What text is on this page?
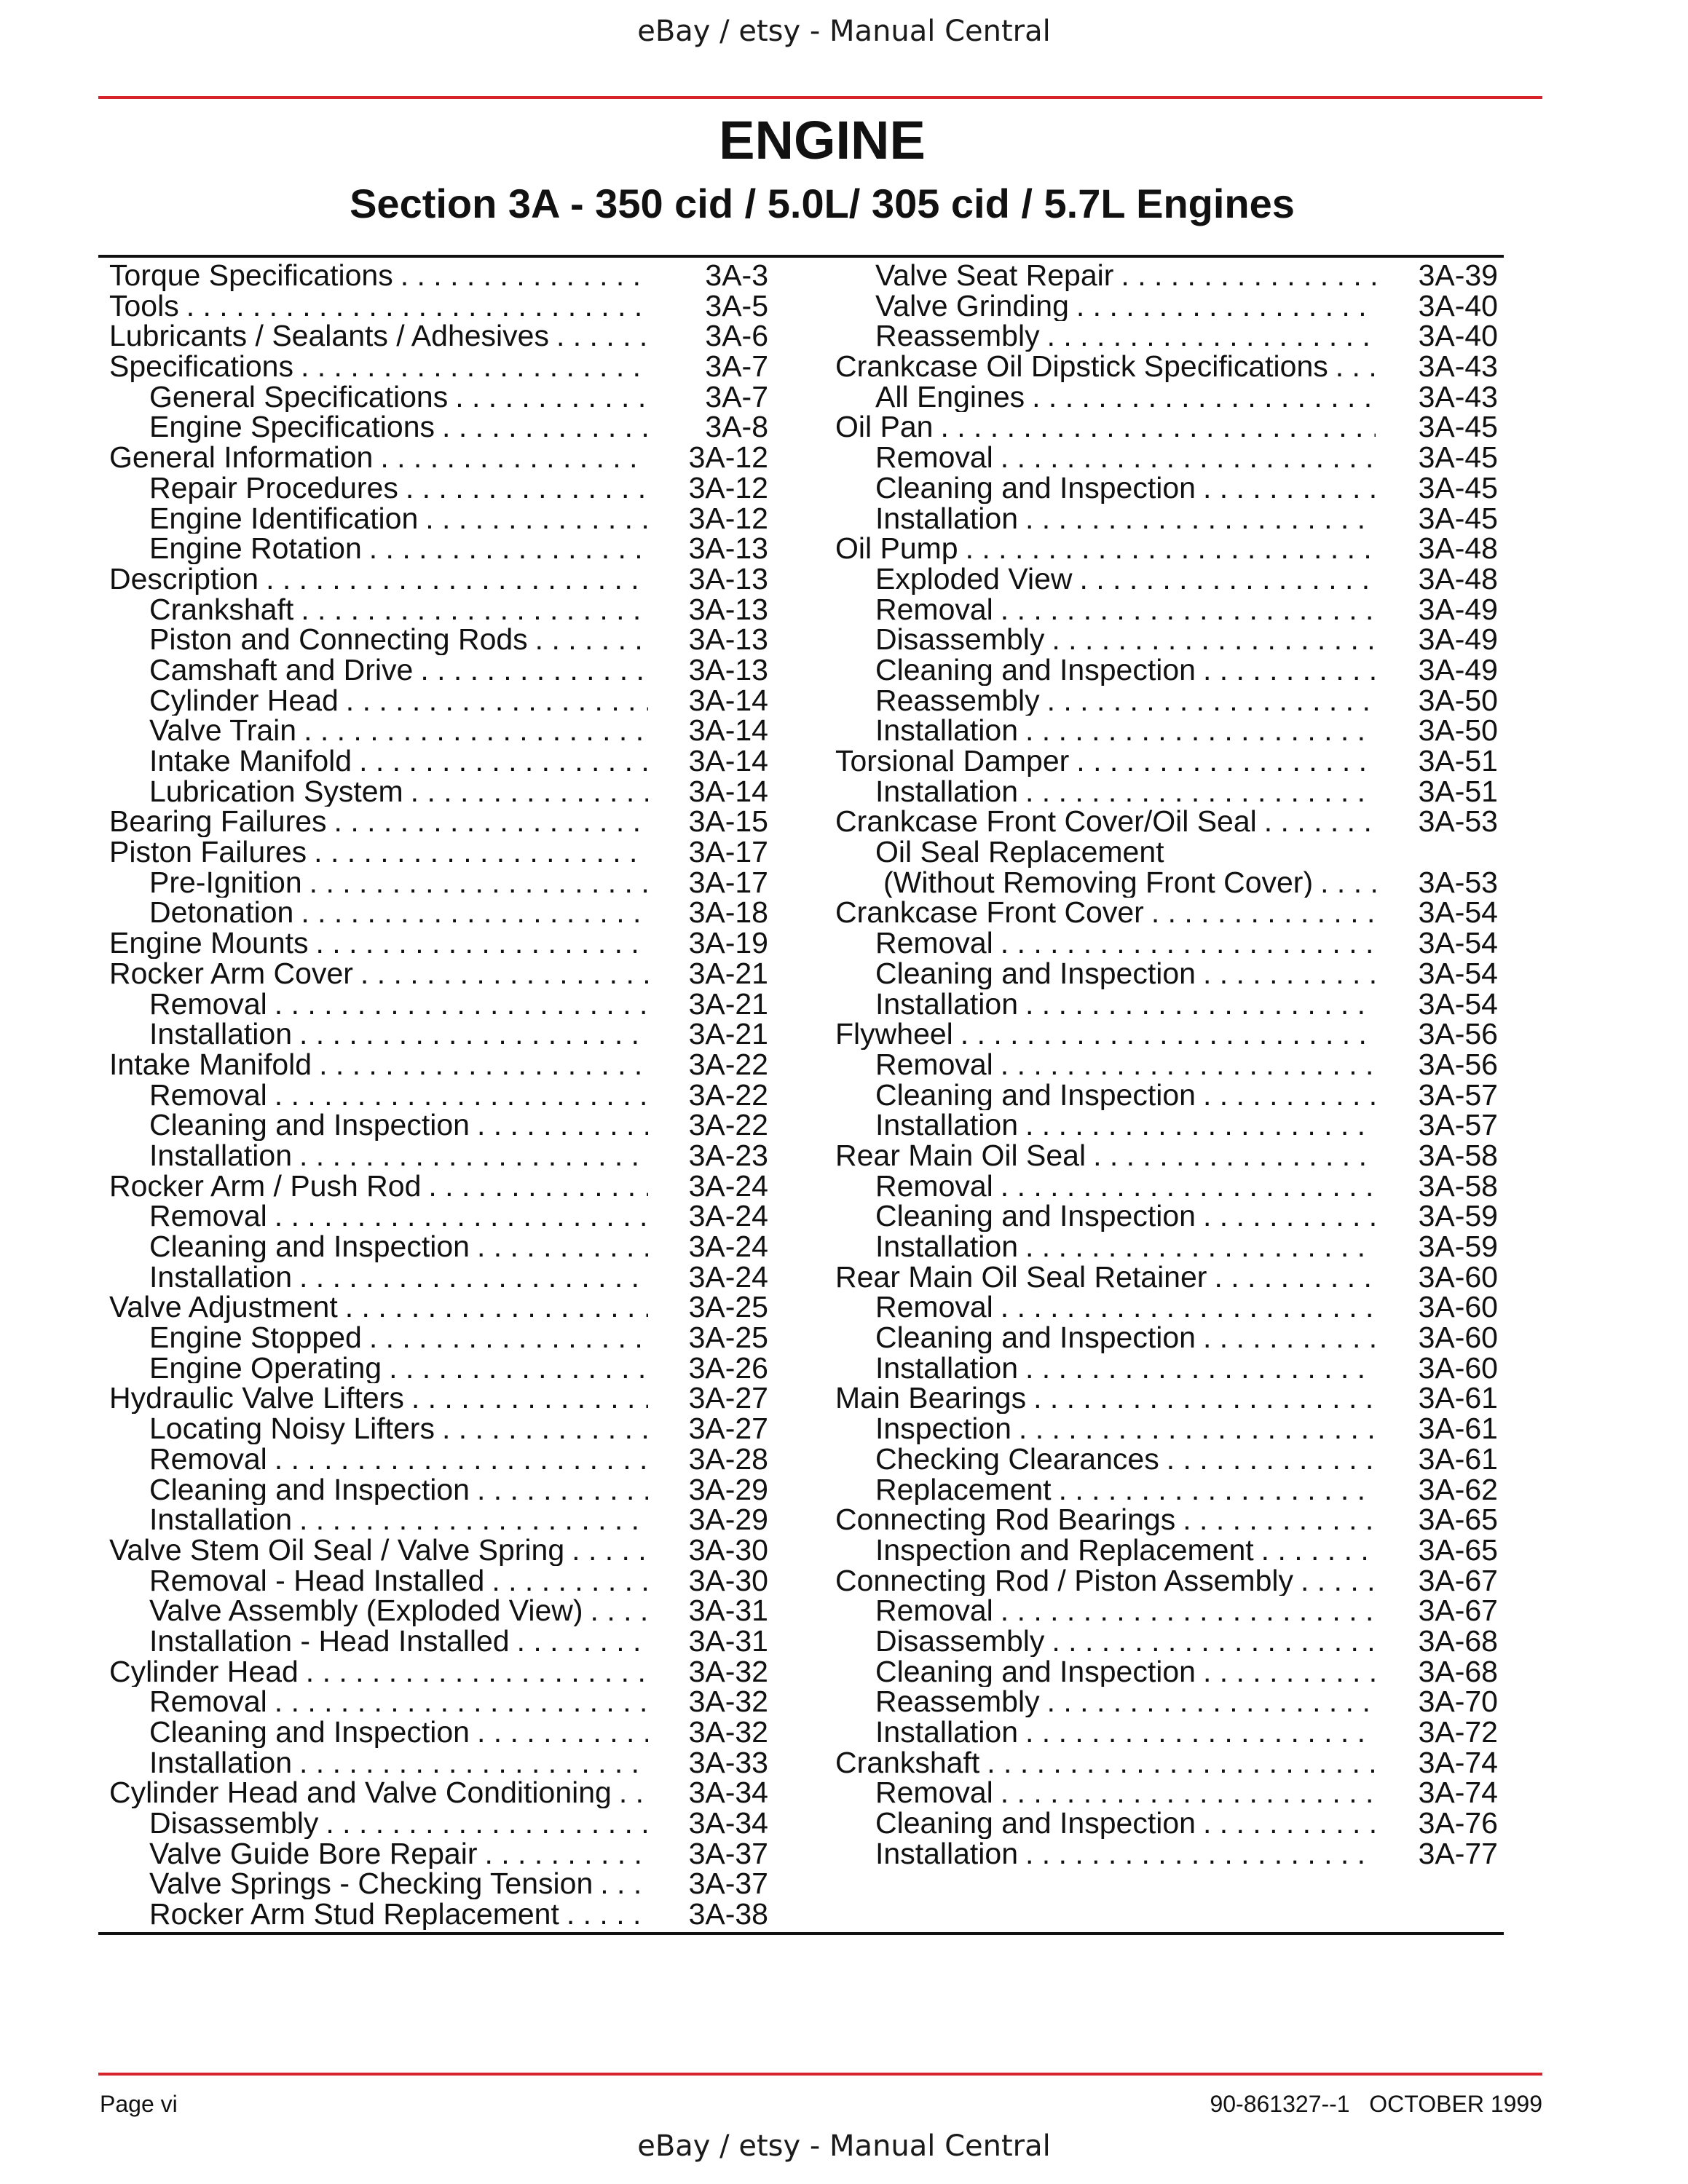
eBay / etsy - Manual Central
ENGINE
Section 3A - 350 cid / 5.0L/ 305 cid / 5.7L Engines
Torque Specifications . . .	3A-3
Tools . . .	3A-5
Lubricants / Sealants / Adhesives . . .	3A-6
Specifications . . .	3A-7
General Specifications . . .	3A-7
Engine Specifications . . .	3A-8
General Information . . .	3A-12
Repair Procedures . . .	3A-12
Engine Identification . . .	3A-12
Engine Rotation . . .	3A-13
Description . . .	3A-13
Crankshaft . . .	3A-13
Piston and Connecting Rods . . .	3A-13
Camshaft and Drive . . .	3A-13
Cylinder Head . . .	3A-14
Valve Train . . .	3A-14
Intake Manifold . . .	3A-14
Lubrication System . . .	3A-14
Bearing Failures . . .	3A-15
Piston Failures . . .	3A-17
Pre-Ignition . . .	3A-17
Detonation . . .	3A-18
Engine Mounts . . .	3A-19
Rocker Arm Cover . . .	3A-21
Removal . . .	3A-21
Installation . . .	3A-21
Intake Manifold . . .	3A-22
Removal . . .	3A-22
Cleaning and Inspection . . .	3A-22
Installation . . .	3A-23
Rocker Arm / Push Rod . . .	3A-24
Removal . . .	3A-24
Cleaning and Inspection . . .	3A-24
Installation . . .	3A-24
Valve Adjustment . . .	3A-25
Engine Stopped . . .	3A-25
Engine Operating . . .	3A-26
Hydraulic Valve Lifters . . .	3A-27
Locating Noisy Lifters . . .	3A-27
Removal . . .	3A-28
Cleaning and Inspection . . .	3A-29
Installation . . .	3A-29
Valve Stem Oil Seal / Valve Spring . . .	3A-30
Removal - Head Installed . . .	3A-30
Valve Assembly (Exploded View) . . .	3A-31
Installation - Head Installed . . .	3A-31
Cylinder Head . . .	3A-32
Removal . . .	3A-32
Cleaning and Inspection . . .	3A-32
Installation . . .	3A-33
Cylinder Head and Valve Conditioning . . .	3A-34
Disassembly . . .	3A-34
Valve Guide Bore Repair . . .	3A-37
Valve Springs - Checking Tension . . .	3A-37
Rocker Arm Stud Replacement . . .	3A-38
Valve Seat Repair . . .	3A-39
Valve Grinding . . .	3A-40
Reassembly . . .	3A-40
Crankcase Oil Dipstick Specifications . . .	3A-43
All Engines . . .	3A-43
Oil Pan . . .	3A-45
Removal . . .	3A-45
Cleaning and Inspection . . .	3A-45
Installation . . .	3A-45
Oil Pump . . .	3A-48
Exploded View . . .	3A-48
Removal . . .	3A-49
Disassembly . . .	3A-49
Cleaning and Inspection . . .	3A-49
Reassembly . . .	3A-50
Installation . . .	3A-50
Torsional Damper . . .	3A-51
Installation . . .	3A-51
Crankcase Front Cover/Oil Seal . . .	3A-53
Oil Seal Replacement
(Without Removing Front Cover) . . .	3A-53
Crankcase Front Cover . . .	3A-54
Removal . . .	3A-54
Cleaning and Inspection . . .	3A-54
Installation . . .	3A-54
Flywheel . . .	3A-56
Removal . . .	3A-56
Cleaning and Inspection . . .	3A-57
Installation . . .	3A-57
Rear Main Oil Seal . . .	3A-58
Removal . . .	3A-58
Cleaning and Inspection . . .	3A-59
Installation . . .	3A-59
Rear Main Oil Seal Retainer . . .	3A-60
Removal . . .	3A-60
Cleaning and Inspection . . .	3A-60
Installation . . .	3A-60
Main Bearings . . .	3A-61
Inspection . . .	3A-61
Checking Clearances . . .	3A-61
Replacement . . .	3A-62
Connecting Rod Bearings . . .	3A-65
Inspection and Replacement . . .	3A-65
Connecting Rod / Piston Assembly . . .	3A-67
Removal . . .	3A-67
Disassembly . . .	3A-68
Cleaning and Inspection . . .	3A-68
Reassembly . . .	3A-70
Installation . . .	3A-72
Crankshaft . . .	3A-74
Removal . . .	3A-74
Cleaning and Inspection . . .	3A-76
Installation . . .	3A-77
Page vi	90-861327--1   OCTOBER 1999
eBay / etsy - Manual Central
